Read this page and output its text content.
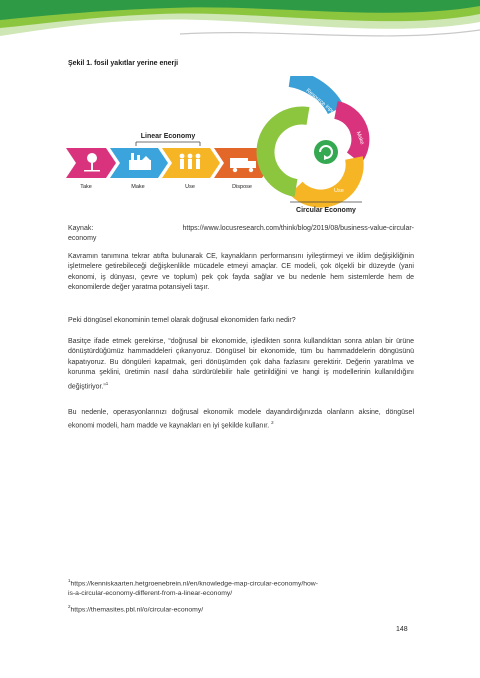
Şekil 1. fosil yakıtlar yerine enerji
Linear Economy
Take	Make	Use	Dispose
Resource input
Make
Use
Recycling
Circular Economy
Kaynak:	https://www.locusresearch.com/think/blog/2019/08/business-value-circular-
economy

Kavramın tanımına tekrar atıfta bulunarak CE, kaynakların performansını iyileştirmeyi ve iklim değişikliğinin işletmelere getirebileceği değişkenlikle mücadele etmeyi amaçlar. CE modeli, çok ölçekli bir düzeyde (yani ekonomi, iş dünyası, çevre ve toplum) pek çok fayda sağlar ve bu nedenle hem sistemlerde hem de ekonomilerde değer yaratma potansiyeli taşır.

Peki döngüsel ekonominin temel olarak doğrusal ekonomiden farkı nedir?

Basitçe ifade etmek gerekirse, “doğrusal bir ekonomide, işledikten sonra kullandıktan sonra atılan bir ürüne dönüştürdüğümüz hammaddeleri çıkarıyoruz. Döngüsel bir ekonomide, tüm bu hammaddelerin döngüsünü kapatıyoruz. Bu döngüleri kapatmak, geri dönüşümden çok daha fazlasını gerektirir. Değerin yaratılma ve korunma şeklini, üretimin nasıl daha sürdürülebilir hale getirildiğini ve hangi iş modellerinin kullanıldığını değiştiriyor.”$^1$

Bu nedenle, operasyonlarınızı doğrusal ekonomik modele dayandırdığınızda olanların aksine, döngüsel ekonomi modeli, ham madde ve kaynakları en iyi şekilde kullanır. $^2$

$^1$https://kenniskaarten.hetgroenebrein.nl/en/knowledge-map-circular-economy/how-
is-a-circular-economy-different-from-a-linear-economy/
$^2$https://themasites.pbl.nl/o/circular-economy/
148
